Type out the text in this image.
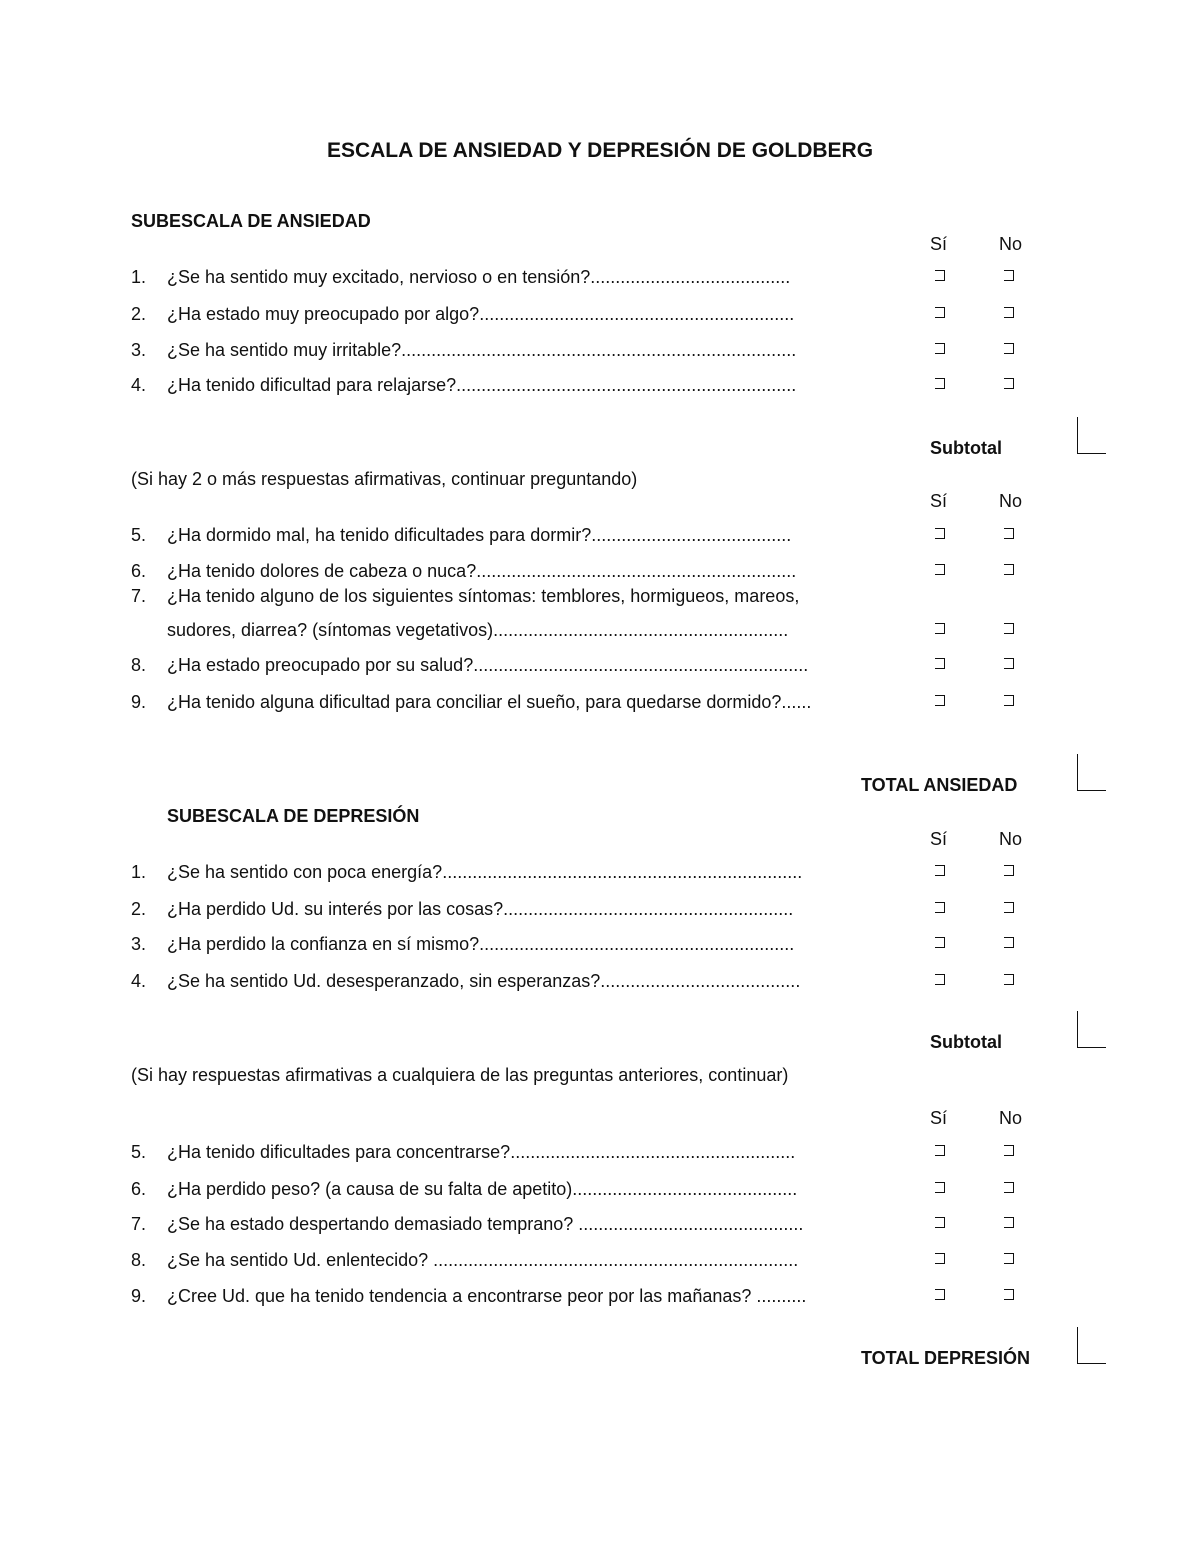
ESCALA DE ANSIEDAD Y DEPRESIÓN DE GOLDBERG
SUBESCALA DE ANSIEDAD
Sí	No
1. ¿Se ha sentido muy excitado, nervioso o en tensión?........................................
2. ¿Ha estado muy preocupado por algo?...............................................................
3. ¿Se ha sentido muy irritable?...............................................................................
4. ¿Ha tenido dificultad para relajarse?....................................................................
Subtotal
(Si hay 2 o más respuestas afirmativas, continuar preguntando)
Sí	No
5. ¿Ha dormido mal, ha tenido dificultades para dormir?........................................
6. ¿Ha tenido dolores de cabeza o nuca?................................................................
7. ¿Ha tenido alguno de los siguientes síntomas: temblores, hormigueos, mareos,
sudores, diarrea? (síntomas vegetativos)...........................................................
8. ¿Ha estado preocupado por su salud?...................................................................
9. ¿Ha tenido alguna dificultad para conciliar el sueño, para quedarse dormido?......
TOTAL ANSIEDAD
SUBESCALA DE DEPRESIÓN
Sí	No
1. ¿Se ha sentido con poca energía?........................................................................
2. ¿Ha perdido Ud. su interés por las cosas?..........................................................
3. ¿Ha perdido la confianza en sí mismo?...............................................................
4. ¿Se ha sentido Ud. desesperanzado, sin esperanzas?........................................
Subtotal
(Si hay respuestas afirmativas a cualquiera de las preguntas anteriores, continuar)
Sí	No
5. ¿Ha tenido dificultades para concentrarse?.........................................................
6. ¿Ha perdido peso? (a causa de su falta de apetito).............................................
7. ¿Se ha estado despertando demasiado temprano? .............................................
8. ¿Se ha sentido Ud. enlentecido? .........................................................................
9. ¿Cree Ud. que ha tenido tendencia a encontrarse peor por las mañanas? ..........
TOTAL DEPRESIÓN
